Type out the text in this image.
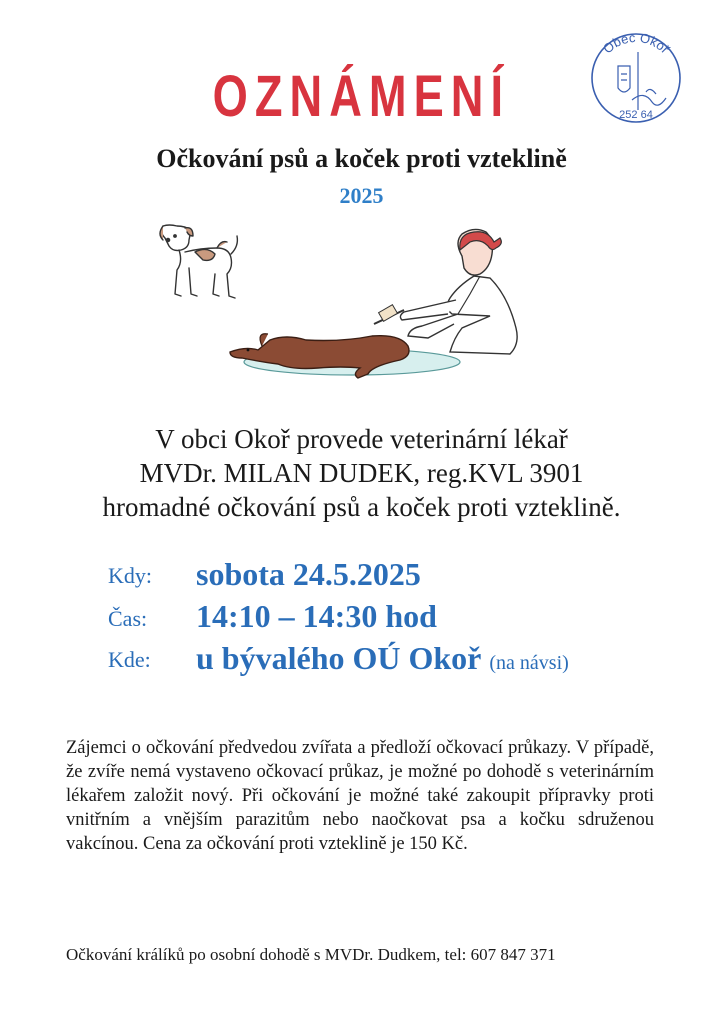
Obec Okoř
252 64
OZNÁMENÍ
Očkování psů a koček proti vzteklině
2025
V obci Okoř provede veterinární lékař
MVDr. MILAN DUDEK, reg.KVL 3901
hromadné očkování psů a koček proti vzteklině.
Kdy: sobota 24.5.2025
Čas: 14:10 – 14:30 hod
Kde: u bývalého OÚ Okoř (na návsi)
Zájemci o očkování předvedou zvířata a předloží očkovací průkazy. V případě, že zvíře nemá vystaveno očkovací průkaz, je možné po dohodě s veterinárním lékařem založit nový. Při očkování je možné také zakoupit přípravky proti vnitřním a vnějším parazitům nebo naočkovat psa a kočku sdruženou vakcínou. Cena za očkování proti vzteklině je 150 Kč.
Očkování králíků po osobní dohodě s MVDr. Dudkem, tel: 607 847 371
